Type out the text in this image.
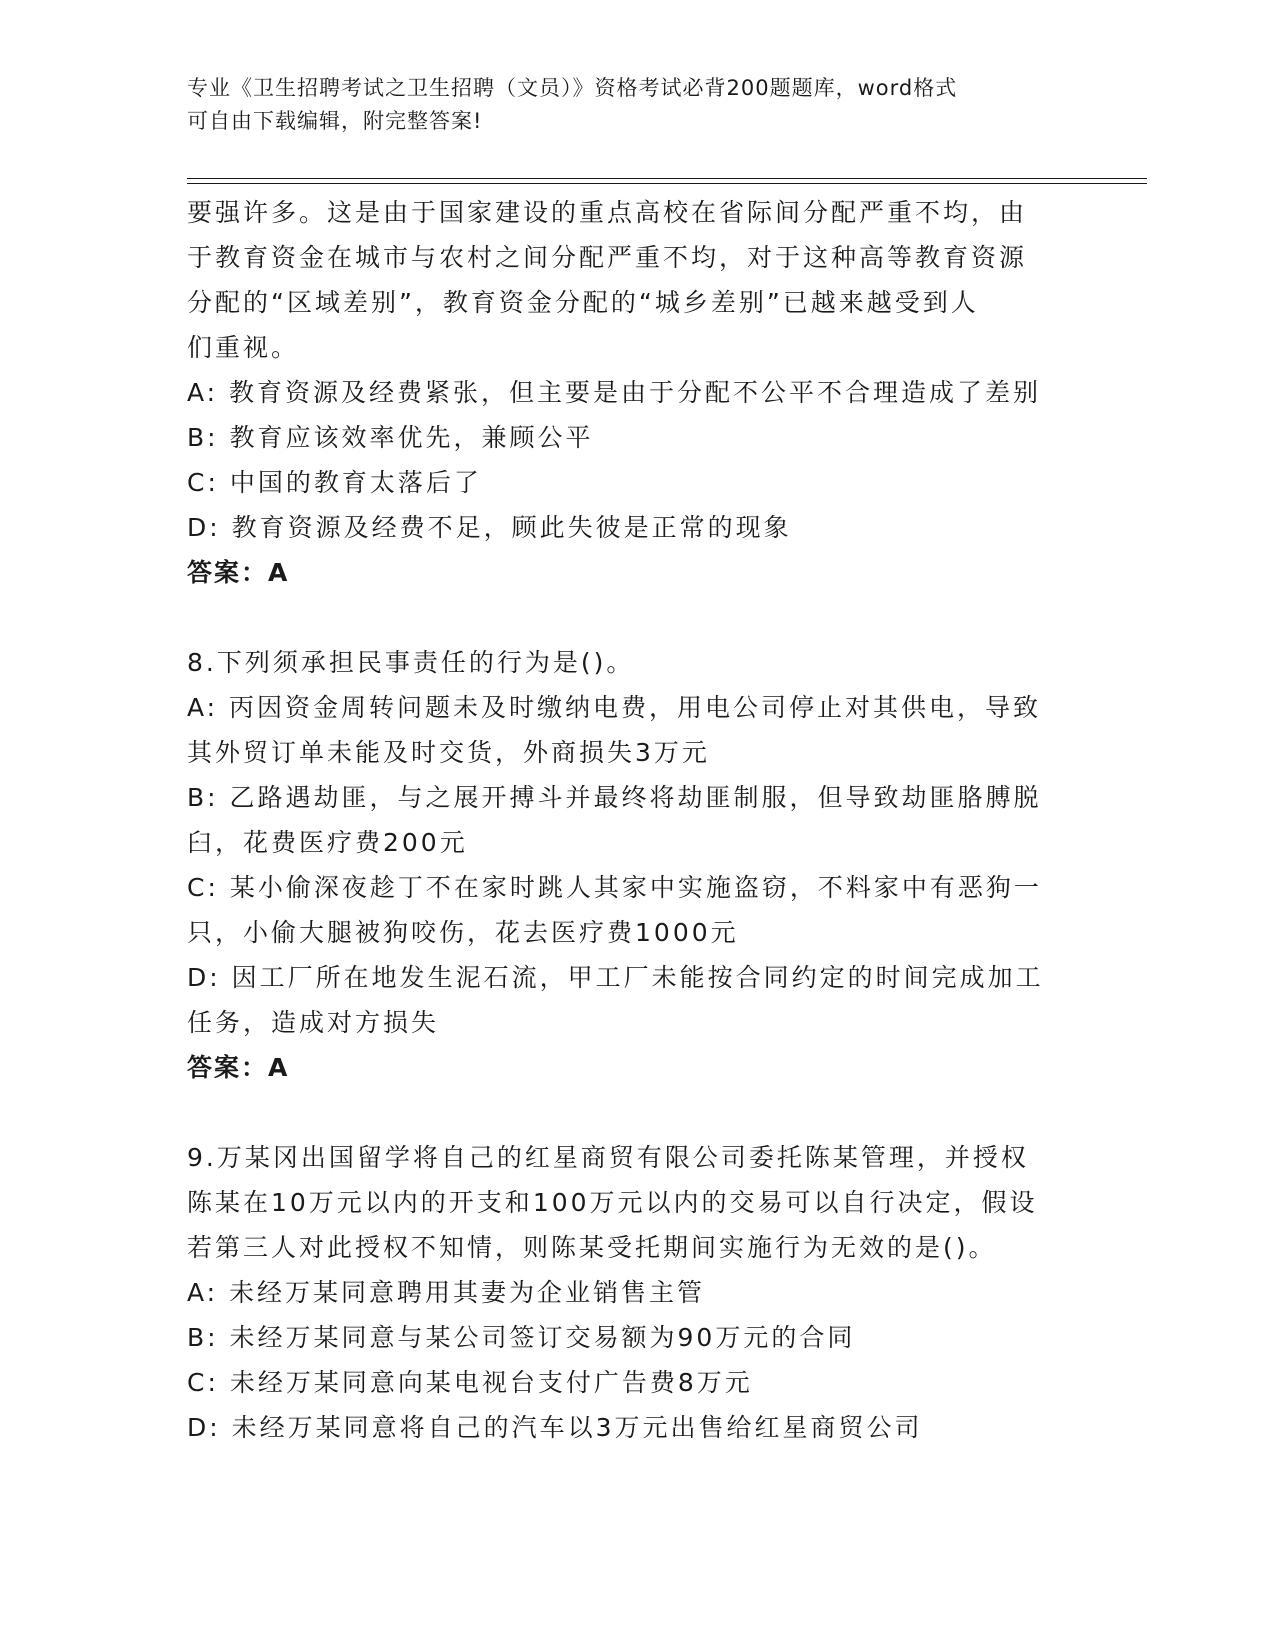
专业《卫生招聘考试之卫生招聘（文员）》资格考试必背200题题库，word格式
可自由下载编辑，附完整答案!
要强许多。这是由于国家建设的重点高校在省际间分配严重不均，由
于教育资金在城市与农村之间分配严重不均，对于这种高等教育资源
分配的“区域差别”，教育资金分配的“城乡差别”已越来越受到人
们重视。
A: 教育资源及经费紧张，但主要是由于分配不公平不合理造成了差别
B: 教育应该效率优先，兼顾公平
C: 中国的教育太落后了
D: 教育资源及经费不足，顾此失彼是正常的现象
答案：A
8.下列须承担民事责任的行为是()。
A: 丙因资金周转问题未及时缴纳电费，用电公司停止对其供电，导致
其外贸订单未能及时交货，外商损失3万元
B: 乙路遇劫匪，与之展开搏斗并最终将劫匪制服，但导致劫匪胳膊脱
臼，花费医疗费200元
C: 某小偷深夜趁丁不在家时跳人其家中实施盗窃，不料家中有恶狗一
只，小偷大腿被狗咬伤，花去医疗费1000元
D: 因工厂所在地发生泥石流，甲工厂未能按合同约定的时间完成加工
任务，造成对方损失
答案：A
9.万某冈出国留学将自己的红星商贸有限公司委托陈某管理，并授权
陈某在10万元以内的开支和100万元以内的交易可以自行决定，假设
若第三人对此授权不知情，则陈某受托期间实施行为无效的是()。
A: 未经万某同意聘用其妻为企业销售主管
B: 未经万某同意与某公司签订交易额为90万元的合同
C: 未经万某同意向某电视台支付广告费8万元
D: 未经万某同意将自己的汽车以3万元出售给红星商贸公司
